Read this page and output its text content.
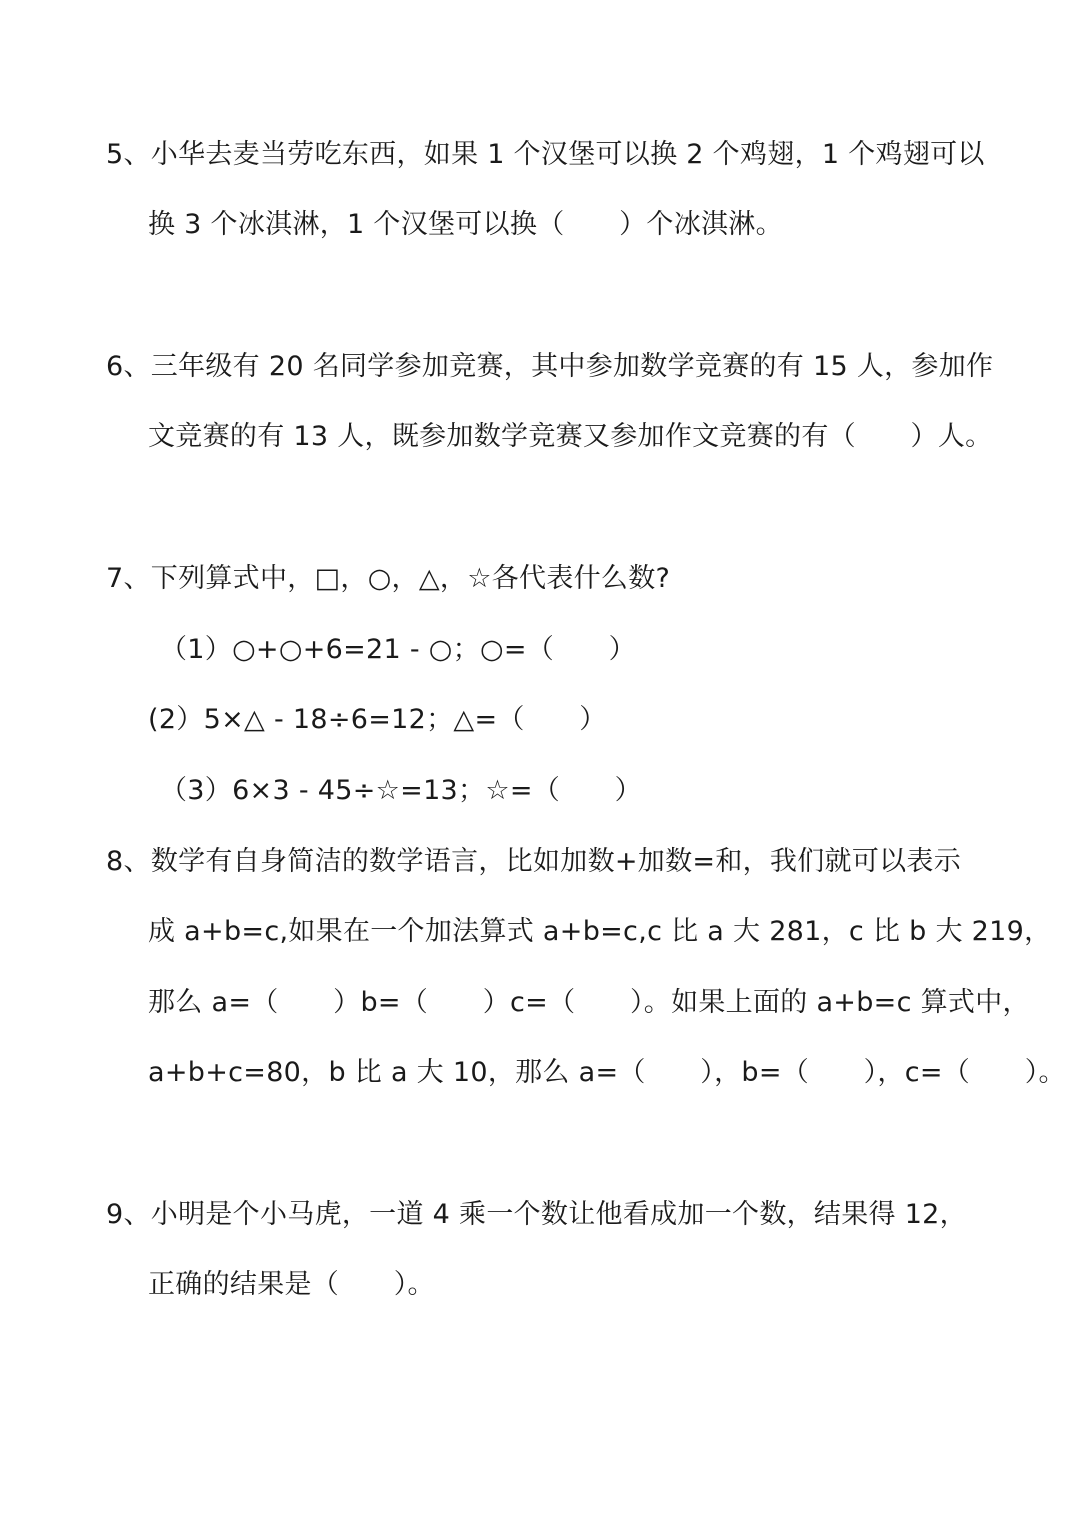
5、小华去麦当劳吃东西，如果 1 个汉堡可以换 2 个鸡翅，1 个鸡翅可以
换 3 个冰淇淋，1 个汉堡可以换（　　）个冰淇淋。
6、三年级有 20 名同学参加竞赛，其中参加数学竞赛的有 15 人，参加作
文竞赛的有 13 人，既参加数学竞赛又参加作文竞赛的有（　　）人。
7、下列算式中，□，○，△，☆各代表什么数?
（1）○+○+6=21 - ○；○=（　　）
(2）5×△ - 18÷6=12；△=（　　）
（3）6×3 - 45÷☆=13；☆=（　　）
8、数学有自身简洁的数学语言，比如加数+加数=和，我们就可以表示
成 a+b=c,如果在一个加法算式 a+b=c,c 比 a 大 281，c 比 b 大 219，
那么 a=（　　）b=（　　）c=（　　）。如果上面的 a+b=c 算式中，
a+b+c=80，b 比 a 大 10，那么 a=（　　），b=（　　），c=（　　）。
9、小明是个小马虎，一道 4 乘一个数让他看成加一个数，结果得 12，
正确的结果是（　　）。
